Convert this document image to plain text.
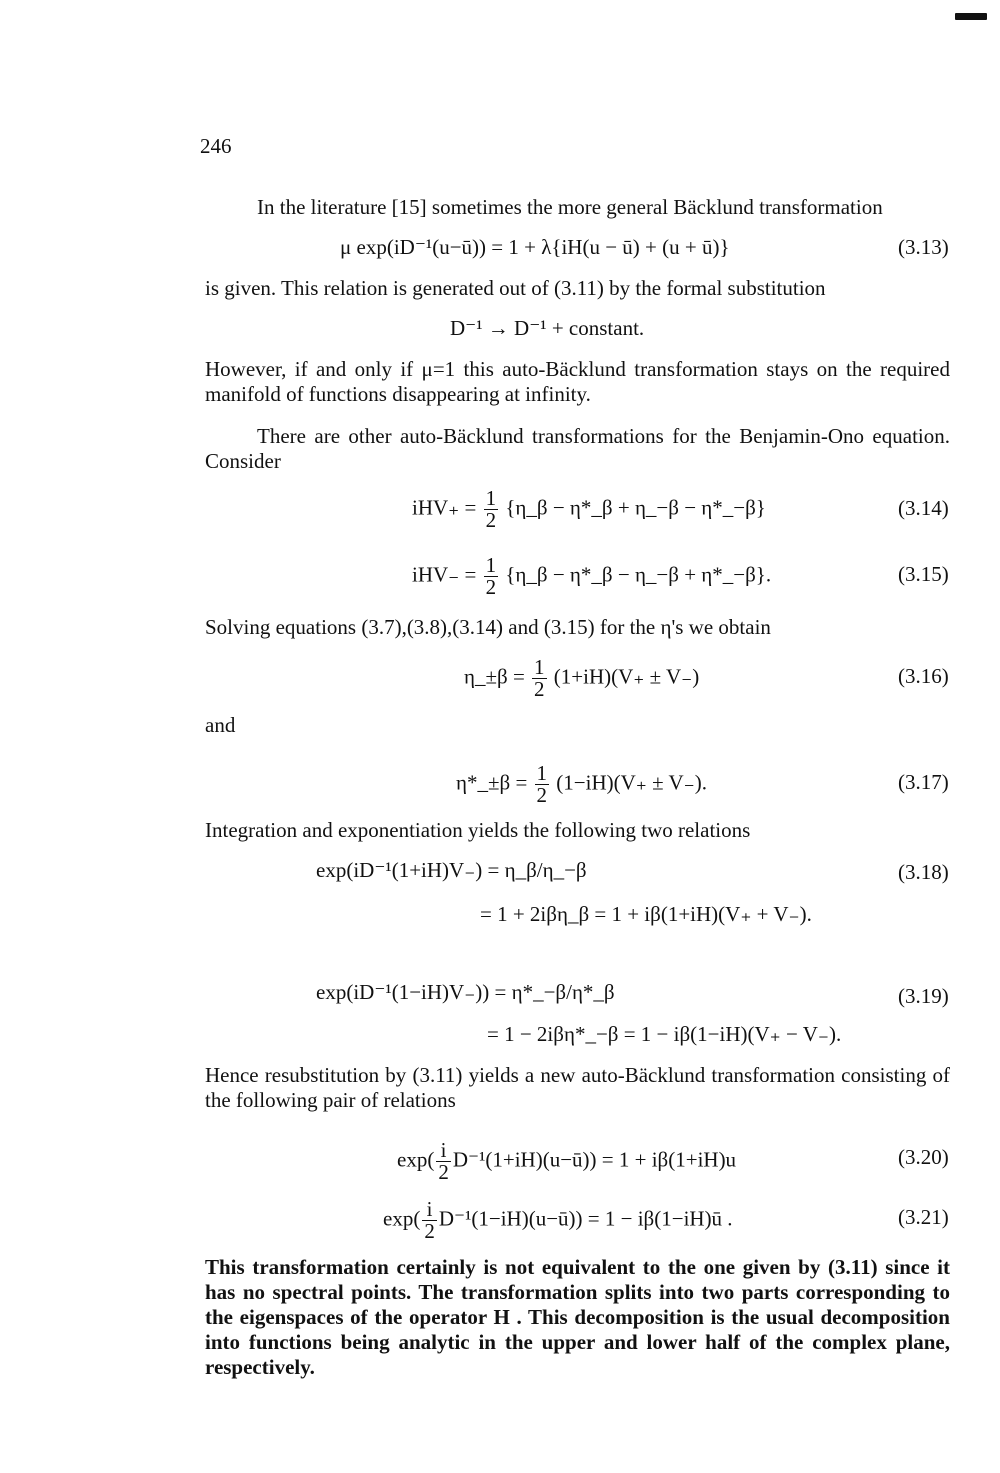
246
In the literature [15] sometimes the more general Bäcklund transformation
μ exp(iD⁻¹(u−ū)) = 1 + λ{iH(u − ū) + (u + ū)}	(3.13)
is given. This relation is generated out of (3.11) by the formal substitution
D⁻¹ → D⁻¹ + constant.
However, if and only if μ=1 this auto-Bäcklund transformation stays on the required manifold of functions disappearing at infinity.
There are other auto-Bäcklund transformations for the Benjamin-Ono equation. Consider
$iHV_+ = \frac{1}{2}$ {η_β − η*_β + η_−β − η*_−β}	(3.14)
$iHV_- = \frac{1}{2}$ {η_β − η*_β − η_−β + η*_−β}.	(3.15)
Solving equations (3.7),(3.8),(3.14) and (3.15) for the η's we obtain
η_±β = $\frac{1}{2} (1+iH)(V_+ \pm V_-)$	(3.16)
and
η*_±β = $\frac{1}{2} (1-iH)(V_+ \pm V_-)$.	(3.17)
Integration and exponentiation yields the following two relations
exp(iD⁻¹(1+iH)V₋) = η_β/η_−β	(3.18)
= 1 + 2iβη_β = 1 + iβ(1+iH)(V₊ + V₋).
exp(iD⁻¹(1−iH)V₋)) = η*_−β/η*_β	(3.19)
= 1 − 2iβη*_−β = 1 − iβ(1−iH)(V₊ − V₋).
Hence resubstitution by (3.11) yields a new auto-Bäcklund transformation consisting of the following pair of relations
$\exp( \frac{i}{2}$ D⁻¹(1+iH)(u−ū)) = 1 + iβ(1+iH)u	(3.20)
$\exp( \frac{i}{2}$ D⁻¹(1−iH)(u−ū)) = 1 − iβ(1−iH)ū .	(3.21)
This transformation certainly is not equivalent to the one given by (3.11) since it has no spectral points. The transformation splits into two parts corresponding to the eigenspaces of the operator H . This decomposition is the usual decomposition into functions being analytic in the upper and lower half of the complex plane, respectively.
